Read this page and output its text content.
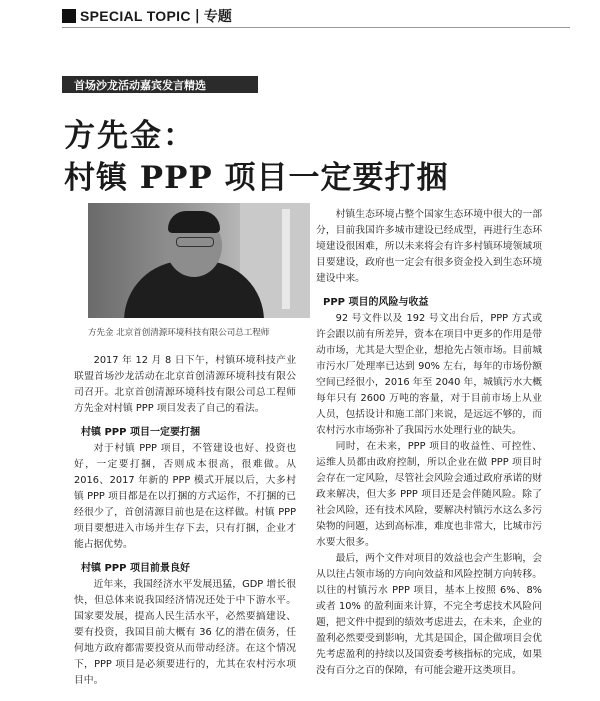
SPECIAL TOPIC | 专题
首场沙龙活动嘉宾发言精选
方先金：
村镇 PPP 项目一定要打捆
方先金 北京首创清源环境科技有限公司总工程师

2017 年 12 月 8 日下午，村镇环境科技产业联盟首场沙龙活动在北京首创清源环境科技有限公司召开。北京首创清源环境科技有限公司总工程师方先金对村镇 PPP 项目发表了自己的看法。

村镇 PPP 项目一定要打捆

对于村镇 PPP 项目，不管建设也好、投资也好，一定要打捆，否则成本很高，很难做。从 2016、2017 年新的 PPP 模式开展以后，大多村镇 PPP 项目都是在以打捆的方式运作，不打捆的已经很少了，首创清源目前也是在这样做。村镇 PPP 项目要想进入市场并生存下去，只有打捆，企业才能占据优势。

村镇 PPP 项目前景良好

近年来，我国经济水平发展迅猛，GDP 增长很快，但总体来说我国经济情况还处于中下游水平。国家要发展，提高人民生活水平，必然要搞建设、要有投资，我国目前大概有 36 亿的潜在债务，任何地方政府都需要投资从而带动经济。在这个情况下，PPP 项目是必须要进行的，尤其在农村污水项目中。

村镇生态环境占整个国家生态环境中很大的一部分，目前我国许多城市建设已经成型，再进行生态环境建设很困难，所以未来将会有许多村镇环境领域项目要建设，政府也一定会有很多资金投入到生态环境建设中来。

PPP 项目的风险与收益

92 号文件以及 192 号文出台后，PPP 方式或许会跟以前有所差异，资本在项目中更多的作用是带动市场，尤其是大型企业，想抢先占领市场。目前城市污水厂处理率已达到 90% 左右，每年的市场份额空间已经很小，2016 年至 2040 年，城镇污水大概每年只有 2600 万吨的容量，对于目前市场上从业人员，包括设计和施工部门来说，是远远不够的，而农村污水市场弥补了我国污水处理行业的缺失。

同时，在未来，PPP 项目的收益性、可控性、运维人员都由政府控制，所以企业在做 PPP 项目时会存在一定风险，尽管社会风险会通过政府承诺的财政来解决，但大多 PPP 项目还是会伴随风险。除了社会风险，还有技术风险，要解决村镇污水这么多污染物的问题，达到高标准，难度也非常大，比城市污水要大很多。

最后，两个文件对项目的效益也会产生影响，会从以往占领市场的方向向效益和风险控制方向转移。以往的村镇污水 PPP 项目，基本上按照 6%、8% 或者 10% 的盈利面来计算，不完全考虑技术风险问题，把文件中提到的绩效考虑进去，在未来，企业的盈利必然要受到影响，尤其是国企，国企做项目会优先考虑盈利的持续以及国资委考核指标的完成，如果没有百分之百的保障，有可能会避开这类项目。
